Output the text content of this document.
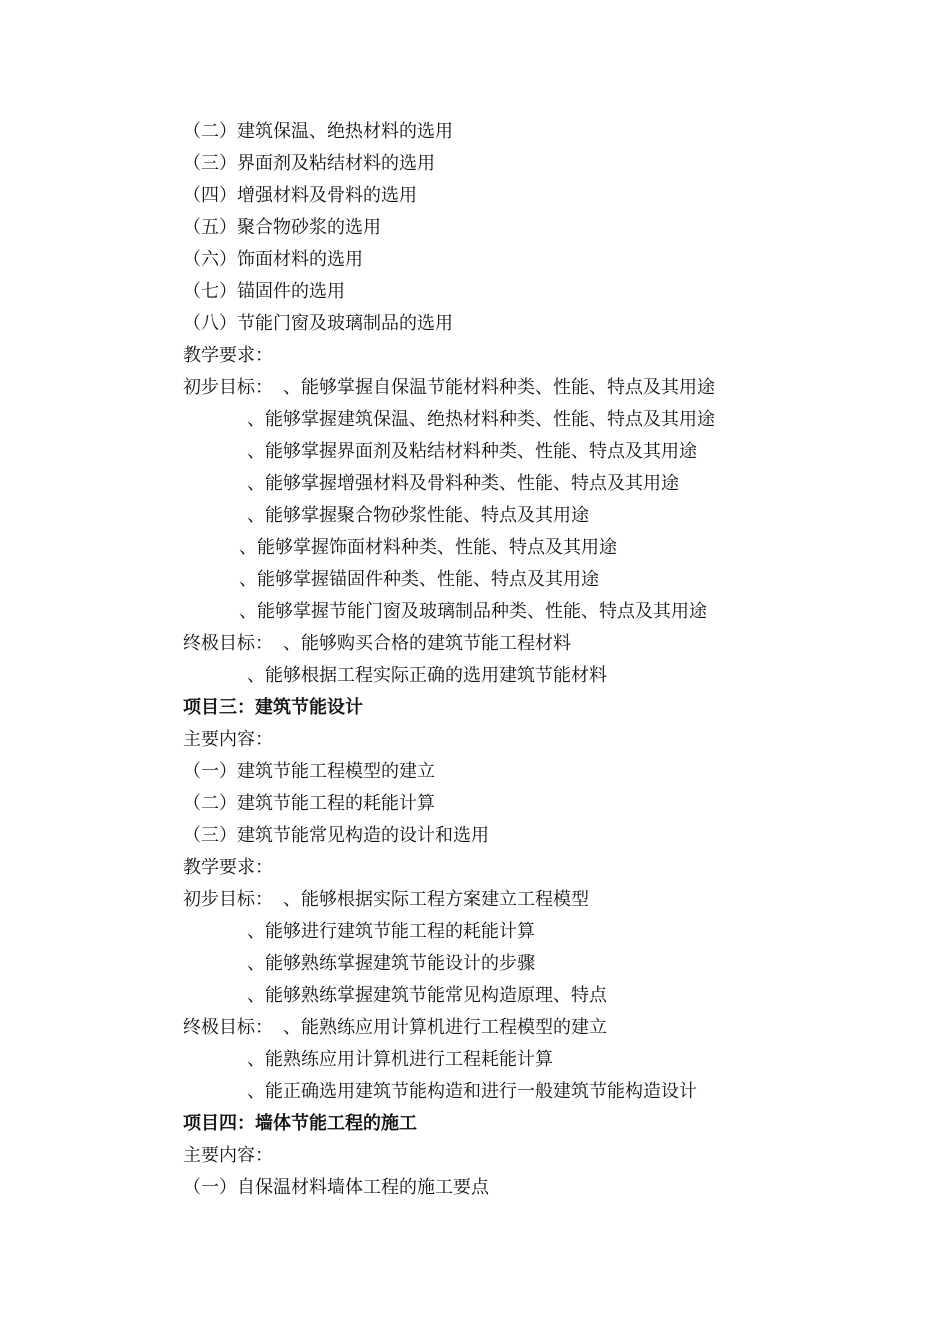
（二）建筑保温、绝热材料的选用
（三）界面剂及粘结材料的选用
（四）增强材料及骨料的选用
（五）聚合物砂浆的选用
（六）饰面材料的选用
（七）锚固件的选用
（八）节能门窗及玻璃制品的选用
教学要求：
初步目标： 、能够掌握自保温节能材料种类、性能、特点及其用途
、能够掌握建筑保温、绝热材料种类、性能、特点及其用途
、能够掌握界面剂及粘结材料种类、性能、特点及其用途
、能够掌握增强材料及骨料种类、性能、特点及其用途
、能够掌握聚合物砂浆性能、特点及其用途
、能够掌握饰面材料种类、性能、特点及其用途
、能够掌握锚固件种类、性能、特点及其用途
、能够掌握节能门窗及玻璃制品种类、性能、特点及其用途
终极目标： 、能够购买合格的建筑节能工程材料
、能够根据工程实际正确的选用建筑节能材料
项目三：建筑节能设计
主要内容：
（一）建筑节能工程模型的建立
（二）建筑节能工程的耗能计算
（三）建筑节能常见构造的设计和选用
教学要求：
初步目标： 、能够根据实际工程方案建立工程模型
、能够进行建筑节能工程的耗能计算
、能够熟练掌握建筑节能设计的步骤
、能够熟练掌握建筑节能常见构造原理、特点
终极目标： 、能熟练应用计算机进行工程模型的建立
、能熟练应用计算机进行工程耗能计算
、能正确选用建筑节能构造和进行一般建筑节能构造设计
项目四：墙体节能工程的施工
主要内容：
（一）自保温材料墙体工程的施工要点
